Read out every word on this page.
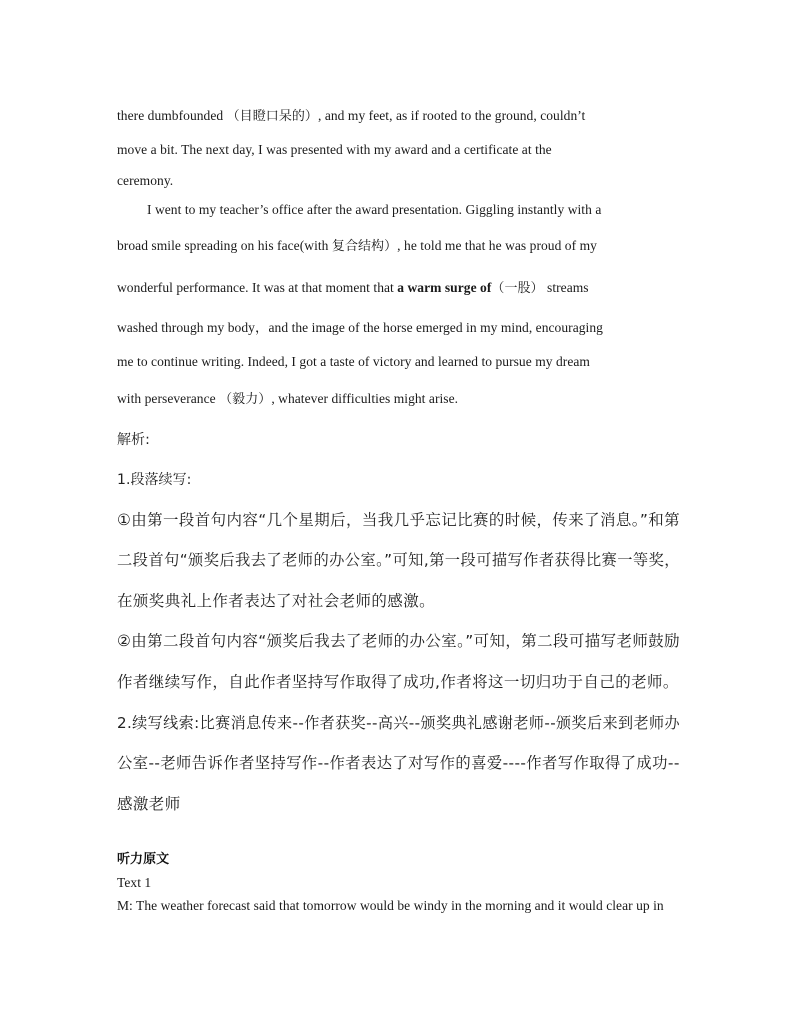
there dumbfounded （目瞪口呆的）, and my feet, as if rooted to the ground, couldn’t
move a bit. The next day, I was presented with my award and a certificate at the
ceremony.
I went to my teacher’s office after the award presentation. Giggling instantly with a
broad smile spreading on his face(with 复合结构）, he told me that he was proud of my
wonderful performance. It was at that moment that a warm surge of（一股） streams
washed through my body，and the image of the horse emerged in my mind, encouraging
me to continue writing. Indeed, I got a taste of victory and learned to pursue my dream
with perseverance （毅力）, whatever difficulties might arise.
解析:
1.段落续写:
①由第一段首句内容“几个星期后，当我几乎忘记比赛的时候，传来了消息。”和第
二段首句“颁奖后我去了老师的办公室。”可知,第一段可描写作者获得比赛一等奖，
在颁奖典礼上作者表达了对社会老师的感激。
②由第二段首句内容“颁奖后我去了老师的办公室。”可知，第二段可描写老师鼓励
作者继续写作，自此作者坚持写作取得了成功,作者将这一切归功于自己的老师。
2.续写线索:比赛消息传来--作者获奖--高兴--颁奖典礼感谢老师--颁奖后来到老师办
公室--老师告诉作者坚持写作--作者表达了对写作的喜爱----作者写作取得了成功--
感激老师
听力原文
Text 1
M: The weather forecast said that tomorrow would be windy in the morning and it would clear up in
